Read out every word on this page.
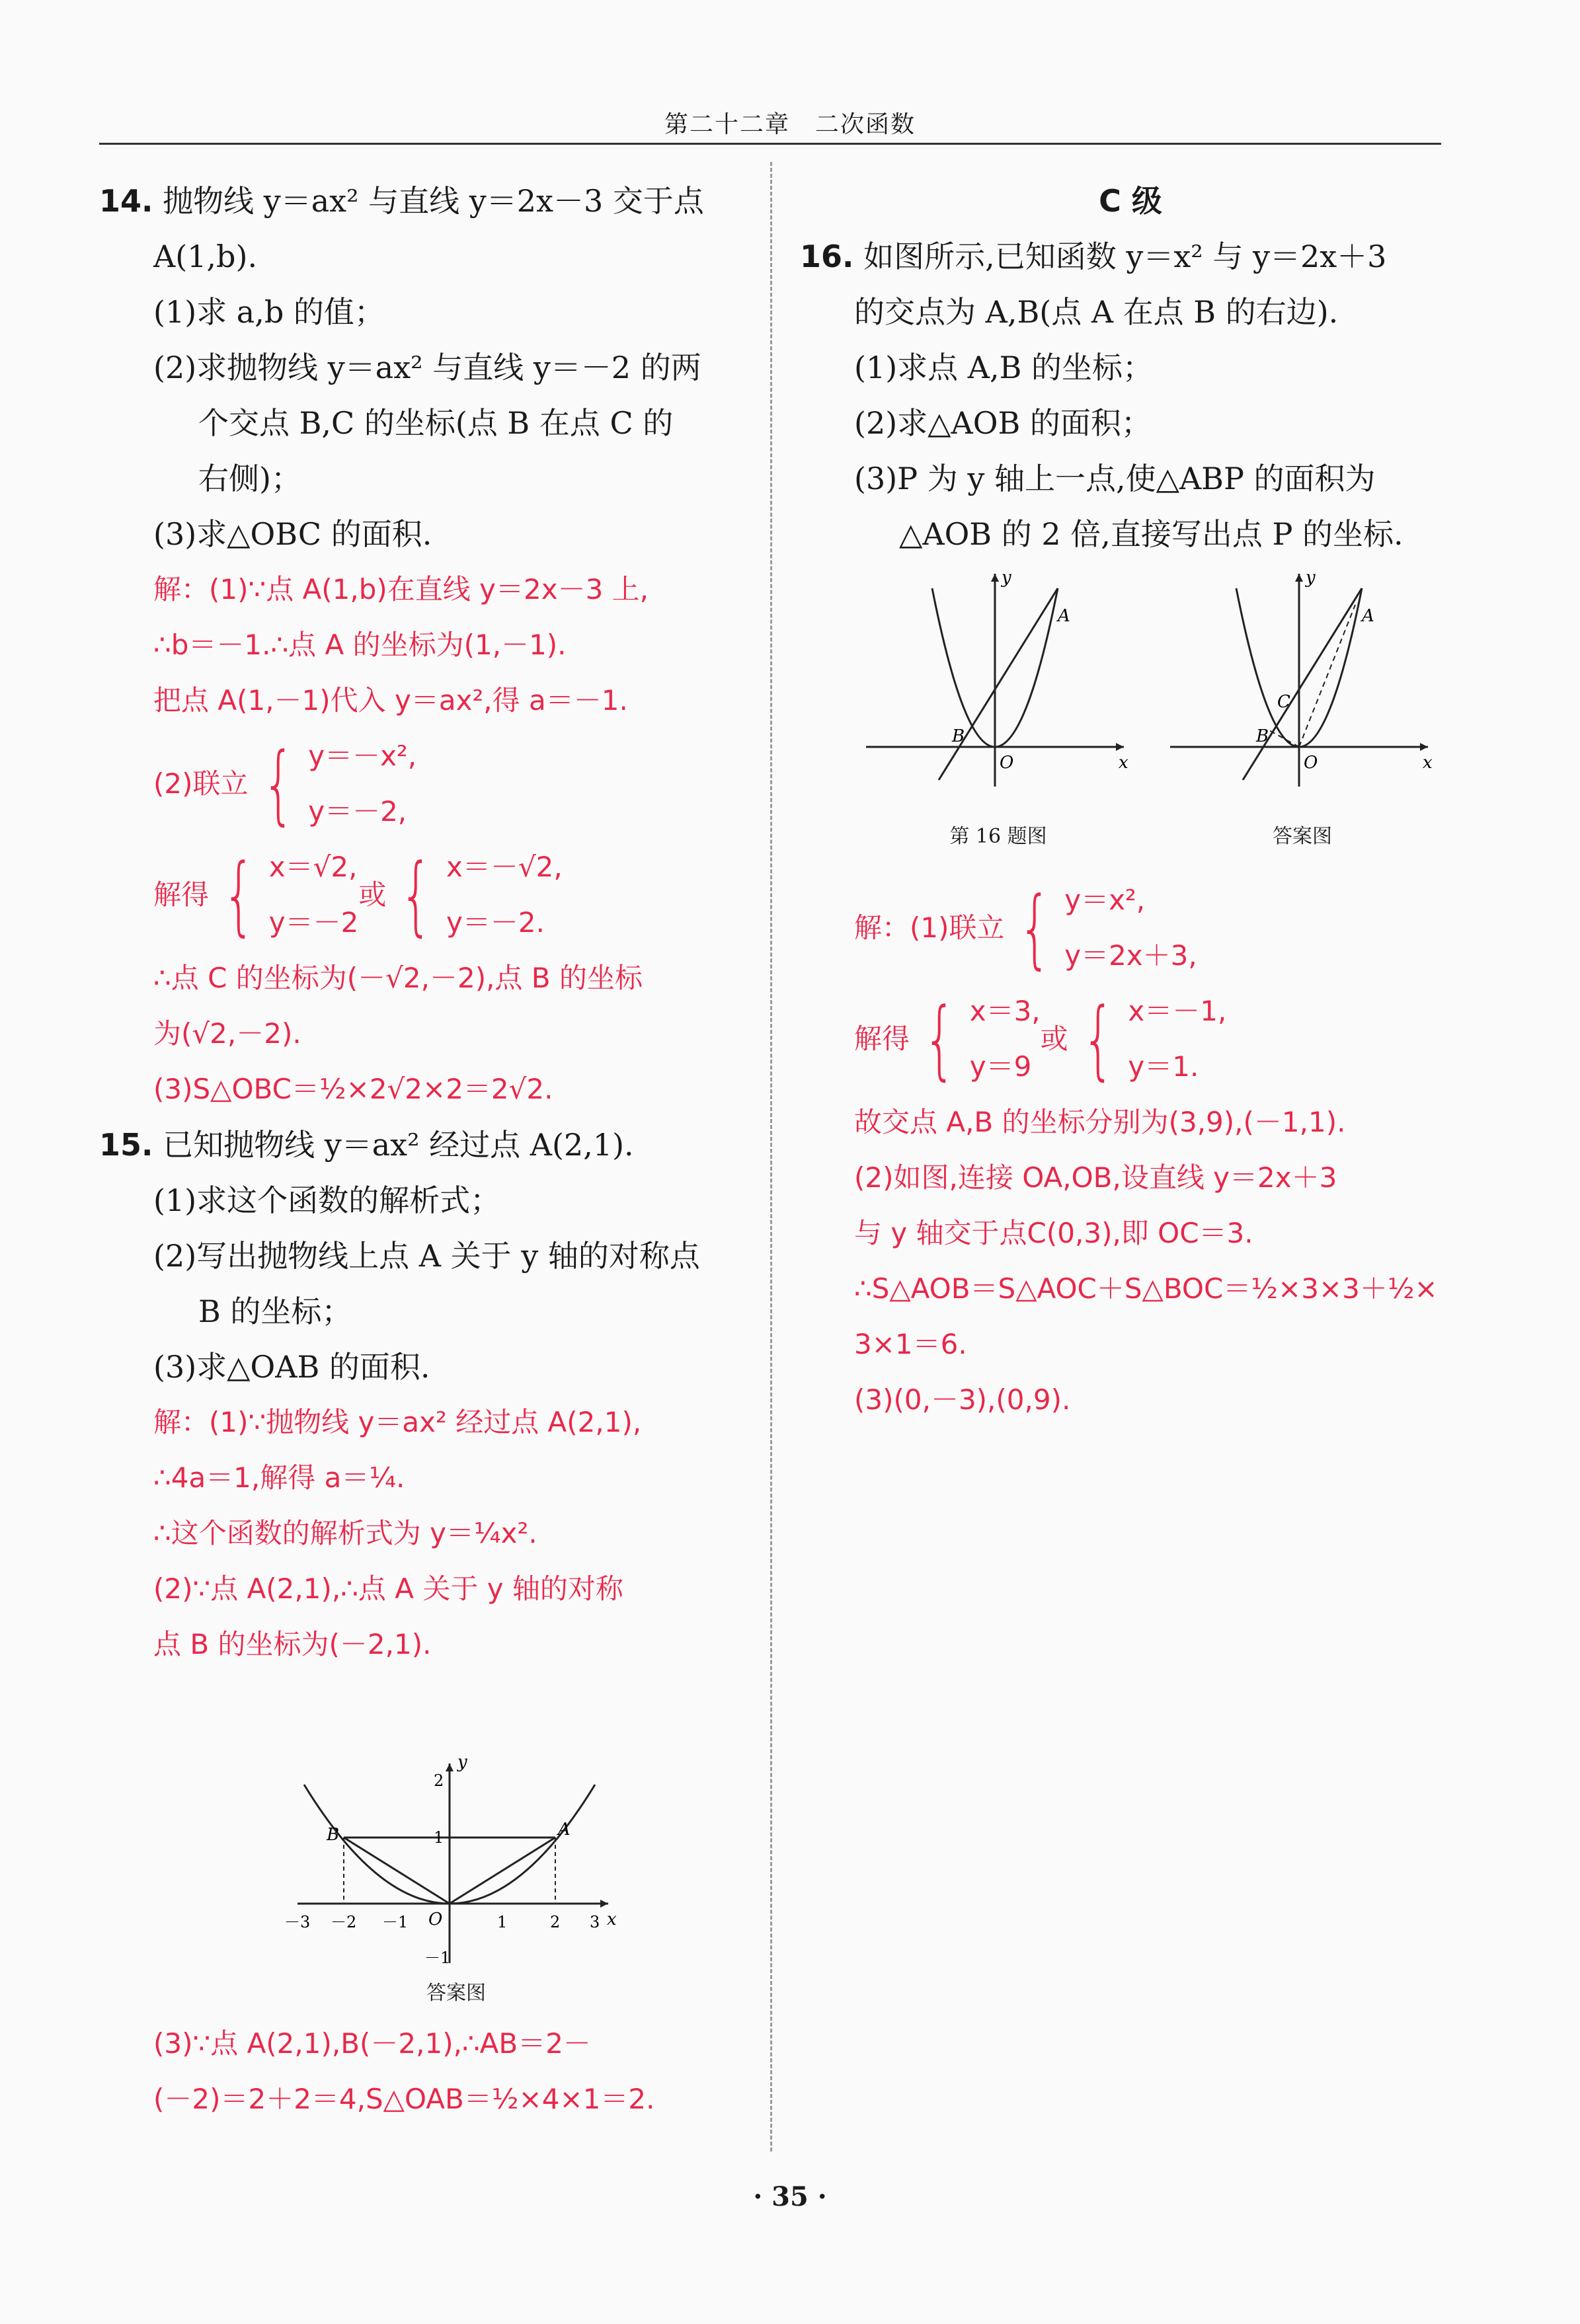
第二十二章　二次函数
14. 抛物线 y＝ax² 与直线 y＝2x－3 交于点
A(1,b).
(1)求 a,b 的值；
(2)求抛物线 y＝ax² 与直线 y＝－2 的两
个交点 B,C 的坐标(点 B 在点 C 的
右侧)；
(3)求△OBC 的面积.
解：(1)∵点 A(1,b)在直线 y＝2x－3 上,
∴b＝－1.∴点 A 的坐标为(1,－1).
把点 A(1,－1)代入 y＝ax²,得 a＝－1.
(2)联立 { y＝－x²,
y＝－2,
解得 { x＝√2,
y＝－2
或 { x＝－√2,
y＝－2.
∴点 C 的坐标为(－√2,－2),点 B 的坐标
为(√2,－2).
(3)S△OBC＝½×2√2×2＝2√2.
15. 已知抛物线 y＝ax² 经过点 A(2,1).
(1)求这个函数的解析式；
(2)写出抛物线上点 A 关于 y 轴的对称点
B 的坐标；
(3)求△OAB 的面积.
解：(1)∵抛物线 y＝ax² 经过点 A(2,1),
∴4a＝1,解得 a＝¼.
∴这个函数的解析式为 y＝¼x².
(2)∵点 A(2,1),∴点 A 关于 y 轴的对称
点 B 的坐标为(－2,1).
y
x
O
A
B
2
1
－1
－3 －2 －1	1	2 3
答案图
(3)∵点 A(2,1),B(－2,1),∴AB＝2－
(－2)＝2＋2＝4,S△OAB＝½×4×1＝2.
C 级
16. 如图所示,已知函数 y＝x² 与 y＝2x＋3
的交点为 A,B(点 A 在点 B 的右边).
(1)求点 A,B 的坐标；
(2)求△AOB 的面积；
(3)P 为 y 轴上一点,使△ABP 的面积为
△AOB 的 2 倍,直接写出点 P 的坐标.
y
x
O
A
B
第 16 题图
y
x
O
A
B
C
答案图
解：(1)联立 { y＝x²,
y＝2x＋3,
解得 { x＝3,
y＝9
或 { x＝－1,
y＝1.
故交点 A,B 的坐标分别为(3,9),(－1,1).
(2)如图,连接 OA,OB,设直线 y＝2x＋3
与 y 轴交于点C(0,3),即 OC＝3.
∴S△AOB＝S△AOC＋S△BOC＝½×3×3＋½×
3×1＝6.
(3)(0,－3),(0,9).
· 35 ·
